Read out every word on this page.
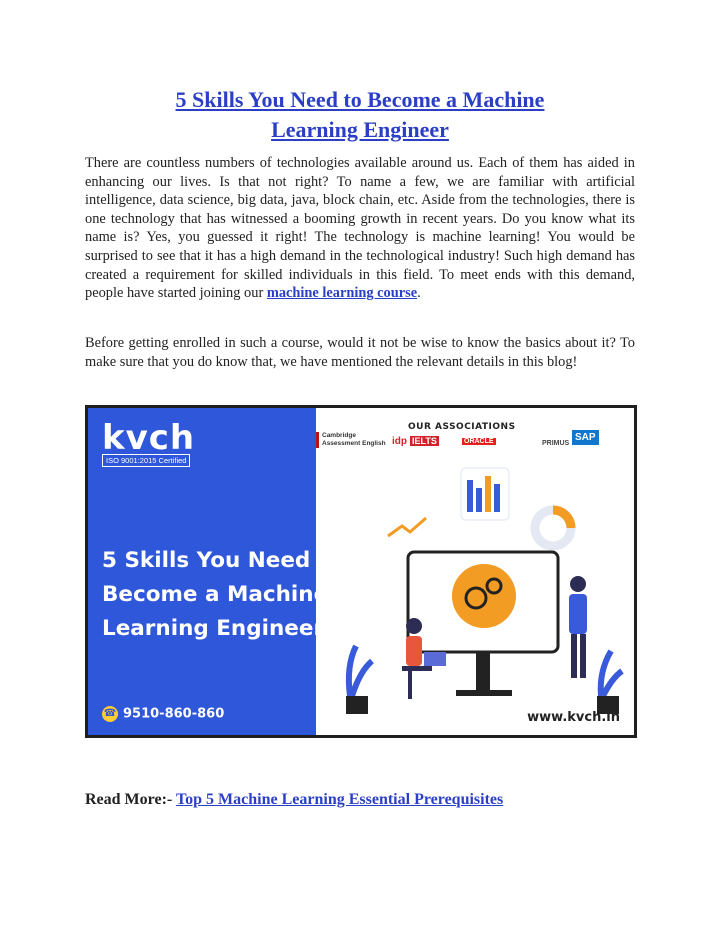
5 Skills You Need to Become a Machine
Learning Engineer

There are countless numbers of technologies available around us. Each of them has aided in enhancing our lives. Is that not right? To name a few, we are familiar with artificial intelligence, data science, big data, java, block chain, etc. Aside from the technologies, there is one technology that has witnessed a booming growth in recent years. Do you know what its name is? Yes, you guessed it right! The technology is machine learning! You would be surprised to see that it has a high demand in the technological industry! Such high demand has created a requirement for skilled individuals in this field. To meet ends with this demand, people have started joining our machine learning course.

Before getting enrolled in such a course, would it not be wise to know the basics about it? To make sure that you do know that, we have mentioned the relevant details in this blog!

kvch
ISO 9001:2015 Certified
5 Skills You Need to
Become a Machine
Learning Engineer
☎ 9510-860-860
OUR ASSOCIATIONS
Cambridge Assessment English idp IELTS	ORACLE	PRIMUS
SAP
www.kvch.in

Read More:- Top 5 Machine Learning Essential Prerequisites
